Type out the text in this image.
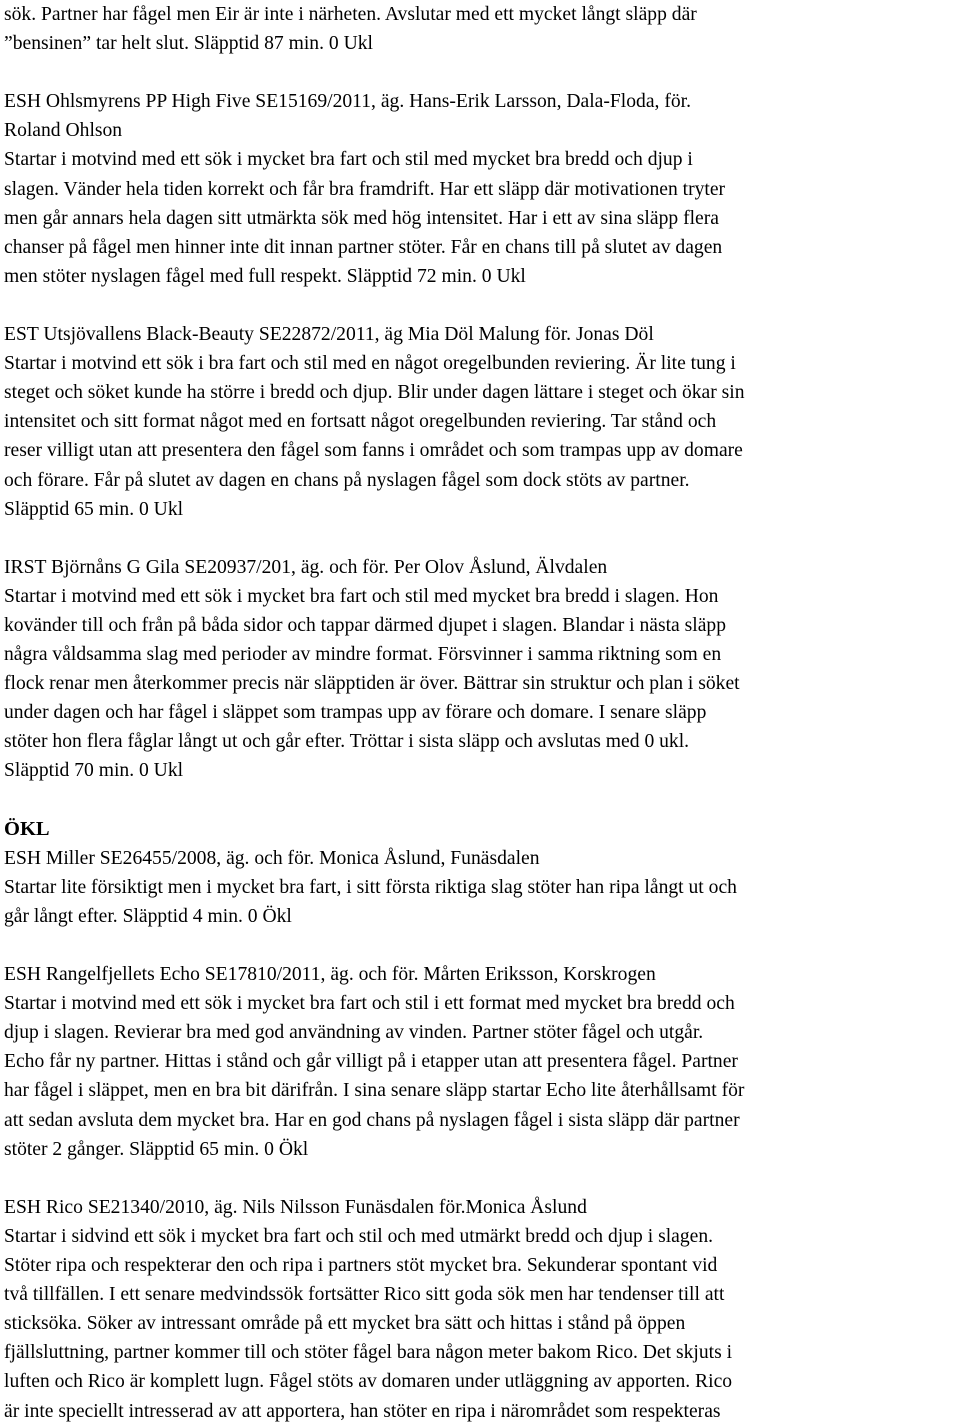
sök. Partner har fågel men Eir är inte i närheten. Avslutar med ett mycket långt släpp där
”bensinen” tar helt slut. Släpptid 87 min. 0 Ukl
ESH Ohlsmyrens PP High Five SE15169/2011, äg. Hans-Erik Larsson, Dala-Floda, för.
Roland Ohlson
Startar i motvind med ett sök i mycket bra fart och stil med mycket bra bredd och djup i
slagen. Vänder hela tiden korrekt och får bra framdrift. Har ett släpp där motivationen tryter
men går annars hela dagen sitt utmärkta sök med hög intensitet. Har i ett av sina släpp flera
chanser på fågel men hinner inte dit innan partner stöter. Får en chans till på slutet av dagen
men stöter nyslagen fågel med full respekt. Släpptid 72 min. 0 Ukl
EST Utsjövallens Black-Beauty SE22872/2011, äg Mia Döl Malung för. Jonas Döl
Startar i motvind ett sök i bra fart och stil med en något oregelbunden reviering. Är lite tung i
steget och söket kunde ha större i bredd och djup. Blir under dagen lättare i steget och ökar sin
intensitet och sitt format något med en fortsatt något oregelbunden reviering. Tar stånd och
reser villigt utan att presentera den fågel som fanns i området och som trampas upp av domare
och förare. Får på slutet av dagen en chans på nyslagen fågel som dock stöts av partner.
Släpptid 65 min. 0 Ukl
IRST Björnåns G Gila SE20937/201, äg. och för. Per Olov Åslund, Älvdalen
Startar i motvind med ett sök i mycket bra fart och stil med mycket bra bredd i slagen. Hon
kovänder till och från på båda sidor och tappar därmed djupet i slagen. Blandar i nästa släpp
några våldsamma slag med perioder av mindre format. Försvinner i samma riktning som en
flock renar men återkommer precis när släpptiden är över. Bättrar sin struktur och plan i söket
under dagen och har fågel i släppet som trampas upp av förare och domare. I senare släpp
stöter hon flera fåglar långt ut och går efter. Tröttar i sista släpp och avslutas med 0 ukl.
Släpptid 70 min. 0 Ukl
ÖKL
ESH Miller SE26455/2008, äg. och för. Monica Åslund, Funäsdalen
Startar lite försiktigt men i mycket bra fart, i sitt första riktiga slag stöter han ripa långt ut och
går långt efter. Släpptid 4 min. 0 Ökl
ESH Rangelfjellets Echo SE17810/2011, äg. och för. Mårten Eriksson, Korskrogen
Startar i motvind med ett sök i mycket bra fart och stil i ett format med mycket bra bredd och
djup i slagen. Revierar bra med god användning av vinden. Partner stöter fågel och utgår.
Echo får ny partner. Hittas i stånd och går villigt på i etapper utan att presentera fågel. Partner
har fågel i släppet, men en bra bit därifrån. I sina senare släpp startar Echo lite återhållsamt för
att sedan avsluta dem mycket bra. Har en god chans på nyslagen fågel i sista släpp där partner
stöter 2 gånger. Släpptid 65 min. 0 Ökl
ESH Rico SE21340/2010, äg. Nils Nilsson Funäsdalen för.Monica Åslund
Startar i sidvind ett sök i mycket bra fart och stil och med utmärkt bredd och djup i slagen.
Stöter ripa och respekterar den och ripa i partners stöt mycket bra. Sekunderar spontant vid
två tillfällen. I ett senare medvindssök fortsätter Rico sitt goda sök men har tendenser till att
sticksöka. Söker av intressant område på ett mycket bra sätt och hittas i stånd på öppen
fjällsluttning, partner kommer till och stöter fågel bara någon meter bakom Rico. Det skjuts i
luften och Rico är komplett lugn. Fågel stöts av domaren under utläggning av apporten. Rico
är inte speciellt intresserad av att apportera, han stöter en ripa i närområdet som respekteras
